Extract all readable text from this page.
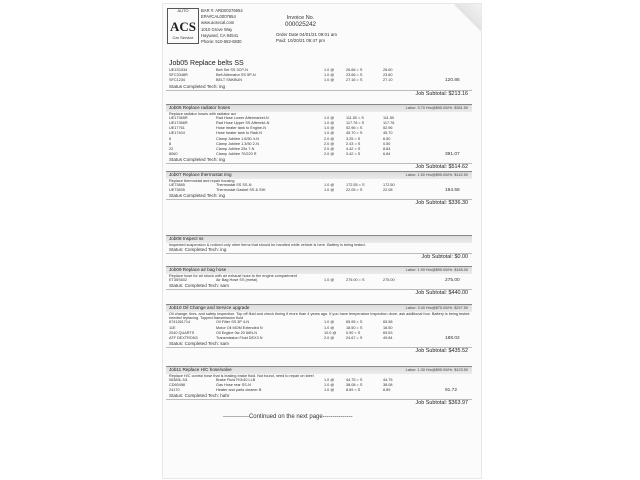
AUTO
ACS
Car Service
BAR #: ARD00276654
EPA#CAL0007654
www.acsecal.com
1010 Grove Way
Hayward, CA 94541
Phone: 510-582-6830
Invoice No.
000025242
Order Date 04/01/21 09:01 am
Paid: 10/20/21 05:47 pm
Job05 Replace belts SS
UE1S1534	Belt Set SS 3CP-N	1.0 @	26.66 = S	26.60
SFC3348R	Belt Alternator SS 5P-N	1.0 @	23.66 = S	23.60
SFC1234	BELT SNKBUN	1.0 @	27.16 = S	27.10	120.86
Status Completed Tech: ing
Job Subtotal: $213.16
Job06 Replace radiator hoses	Labor: 3.70 Hrs@$95.00/Hr. $351.50
Replace radiator hoses with radiator acr
UE17365R	Rad Hose Lower Aftermarket-N	1.0 @	111.50 = S	111.50
UE17366R	Rad Hose Upper SS Aftermkt-N	1.0 @	117.76 = S	117.76
UE17761	Hose heater tank to Engine-N	1.0 @	52.96 = S	52.96
UE17404	Hose heater tank to Radi-N	1.0 @	45.70 = S	45.70
6	Clamp Jubilee 1.6/50 /r-N	2.0 @	3.25 = S	6.50
8	Clamp Jubilee 1.3/50 2-N	2.0 @	2.43 = S	0.50
22	Clamp Jubilee 25x 7-N	2.0 @	4.42 = S	8.84
8060	Clamp Jubilee 70/220 R	2.0 @	3.42 = S	6.84	391.07
Status Completed Tech: ing
Job Subtotal: $514.62
Job07 Replace thermostat ring	Labor: 1.50 Hrs@$95.00/Hr. $142.50
Replace thermostat and repair housing
UE73865	Thermostat SS SS-N	1.0 @	172.55 = S	172.50
UE73835	Thermostat Gasket SS & SHI	1.0 @	22.05 = S	22.08	194.58
Status Completed Tech: ing
Job Subtotal: $336.30
Job08 Inspect ss
Inspected suspension & noticed only other items that should be handled while vehicle is here. Battery is being tested.
Status: Completed Tech: ing
Job Subtotal: $0.00
Job09 Replace air bag hose	Labor: 1.90 Hrs@$95.00/Hr. $165.00
Replace hose for air shock with air exhaust hose to the engine compartment
ET35S602	Air Bag Hose SS (metal)	1.0 @	275.00 = S	275.00	275.00
Status: Completed Tech: sam
Job Subtotal: $440.00
Job10 Oil Change and Service upgrade	Labor: 3.40 Hrs@$75.00/Hr. $247.50
Oil change, tires, and safety inspection. Top off fluid and check timing if more than 4 years ago. If you have temperature inspection done, ask additional four. Battery is being tested needed replacing. Topped transmission fluid
6741261714	Oil Filter SS 3P 4-N	1.0 @	65.95 = S	65.58
11E	Motor Oil MOM Extended N	1.0 @	18.50 = S	18.50
2040 QUARTS	Oil Engine 0w-20 66N-N	10.0 @	0.90 = S	69.63
ATF DEXTRON3	Transmission Fluid DEX3 N	2.0 @	24.67 = S	49.84	188.02
Status: Completed Tech: sam
Job Subtotal: $435.52
Job11 Replace H/C hose/valve	Labor: 1.30 Hrs@$95.00/Hr. $123.50
Replace H/C control hose that is leaking brake fluid. Not found, need to repair on steel
06383L-N1	Brake Fluid R/3/40 LLB	1.0 @	44.75 = S	44.75
CD60498	Gas Hose rear SS-N	1.0 @	38.08 = S	38.08
24170	Heater and parts cleaner B	1.0 @	8.69 = S	8.89	91.72
Status: Completed Tech: hahr
Job Subtotal: $363.97
-------------Continued on the next page---------------
